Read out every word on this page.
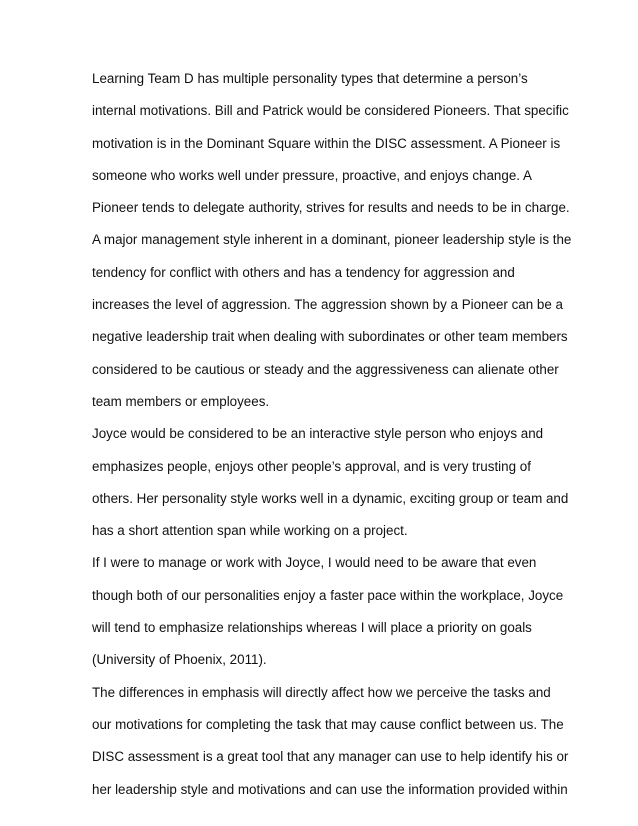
Learning Team D has multiple personality types that determine a person’s
internal motivations. Bill and Patrick would be considered Pioneers. That specific
motivation is in the Dominant Square within the DISC assessment. A Pioneer is
someone who works well under pressure, proactive, and enjoys change. A
Pioneer tends to delegate authority, strives for results and needs to be in charge.
A major management style inherent in a dominant, pioneer leadership style is the
tendency for conflict with others and has a tendency for aggression and
increases the level of aggression. The aggression shown by a Pioneer can be a
negative leadership trait when dealing with subordinates or other team members
considered to be cautious or steady and the aggressiveness can alienate other
team members or employees.
Joyce would be considered to be an interactive style person who enjoys and
emphasizes people, enjoys other people’s approval, and is very trusting of
others. Her personality style works well in a dynamic, exciting group or team and
has a short attention span while working on a project.
If I were to manage or work with Joyce, I would need to be aware that even
though both of our personalities enjoy a faster pace within the workplace, Joyce
will tend to emphasize relationships whereas I will place a priority on goals
(University of Phoenix, 2011).
The differences in emphasis will directly affect how we perceive the tasks and
our motivations for completing the task that may cause conflict between us. The
DISC assessment is a great tool that any manager can use to help identify his or
her leadership style and motivations and can use the information provided within
